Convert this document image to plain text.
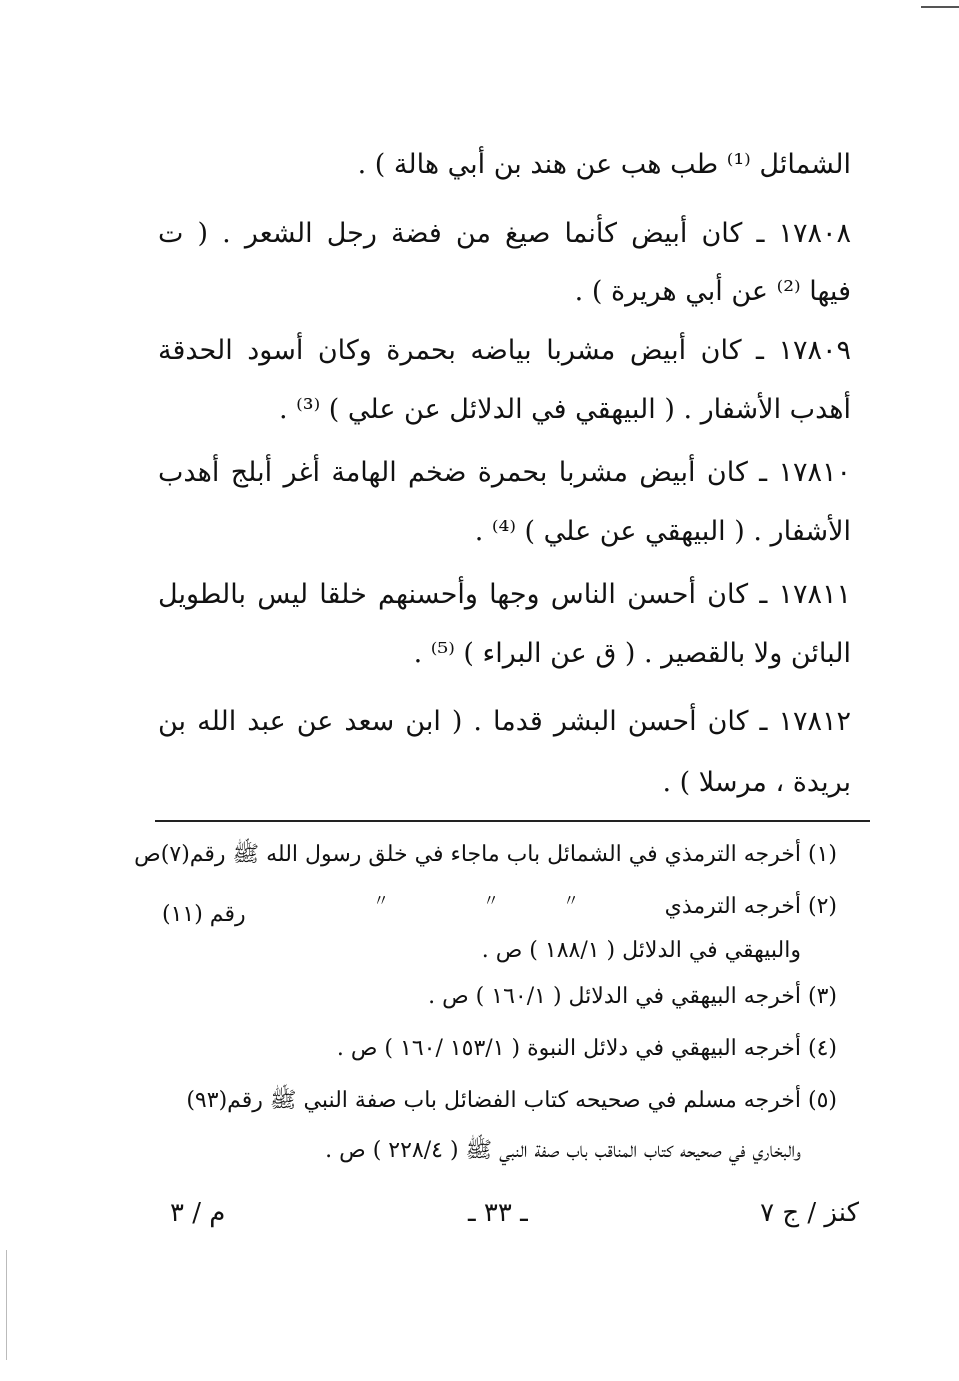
الشمائل ⁽¹⁾ طب هب عن هند بن أبي هالة ) .
١٧٨٠٨ ـ كان أبيض كأنما صيغ من فضة رجل الشعر . ( ت
فيها ⁽²⁾ عن أبي هريرة ) .
١٧٨٠٩ ـ كان أبيض مشربا بياضه بحمرة وكان أسود الحدقة
أهدب الأشفار . ( البيهقي في الدلائل عن علي ) ⁽³⁾ .
١٧٨١٠ ـ كان أبيض مشربا بحمرة ضخم الهامة أغر أبلج أهدب
الأشفار . ( البيهقي عن علي ) ⁽⁴⁾ .
١٧٨١١ ـ كان أحسن الناس وجها وأحسنهم خلقا ليس بالطويل
البائن ولا بالقصير . ( ق عن البراء ) ⁽⁵⁾ .
١٧٨١٢ ـ كان أحسن البشر قدما . ( ابن سعد عن عبد الله بن
بريدة ، مرسلا ) .
(١) أخرجه الترمذي في الشمائل باب ماجاء في خلق رسول الله ﷺ رقم(٧)ص
(٢) أخرجه الترمذي
〃
〃
〃
رقم (١١)
والبيهقي في الدلائل ( ١٨٨/١ ) ص .
(٣) أخرجه البيهقي في الدلائل ( ١٦٠/١ ) ص .
(٤) أخرجه البيهقي في دلائل النبوة ( ١٥٣/١ /١٦٠ ) ص .
(٥) أخرجه مسلم في صحيحه كتاب الفضائل باب صفة النبي ﷺ رقم(٩٣)
والبخاري في صحيحه كتاب المناقب باب صفة النبي ﷺ ( ٢٢٨/٤ ) ص .
كنز / ج ٧
ـ ٣٣ ـ
م / ٣
